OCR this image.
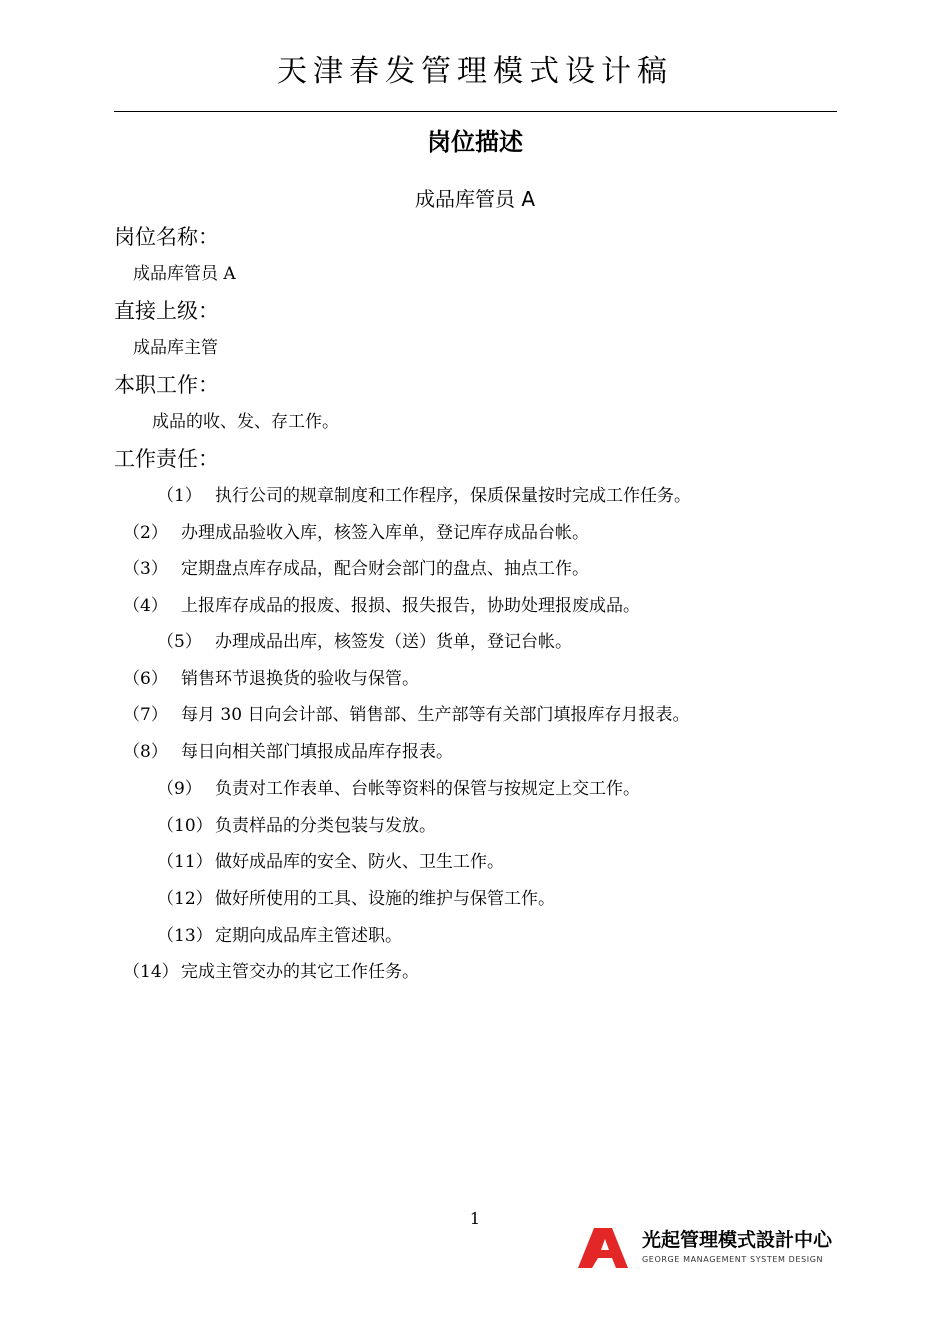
天津春发管理模式设计稿
岗位描述
成品库管员 A
岗位名称：
成品库管员 A
直接上级：
成品库主管
本职工作：
成品的收、发、存工作。
工作责任：
（1） 执行公司的规章制度和工作程序，保质保量按时完成工作任务。
（2） 办理成品验收入库，核签入库单，登记库存成品台帐。
（3） 定期盘点库存成品，配合财会部门的盘点、抽点工作。
（4） 上报库存成品的报废、报损、报失报告，协助处理报废成品。
（5） 办理成品出库，核签发（送）货单，登记台帐。
（6） 销售环节退换货的验收与保管。
（7） 每月 30 日向会计部、销售部、生产部等有关部门填报库存月报表。
（8） 每日向相关部门填报成品库存报表。
（9） 负责对工作表单、台帐等资料的保管与按规定上交工作。
（10） 负责样品的分类包装与发放。
（11） 做好成品库的安全、防火、卫生工作。
（12） 做好所使用的工具、设施的维护与保管工作。
（13） 定期向成品库主管述职。
（14） 完成主管交办的其它工作任务。
1
光起管理模式設計中心
GEORGE MANAGEMENT SYSTEM DESIGN
